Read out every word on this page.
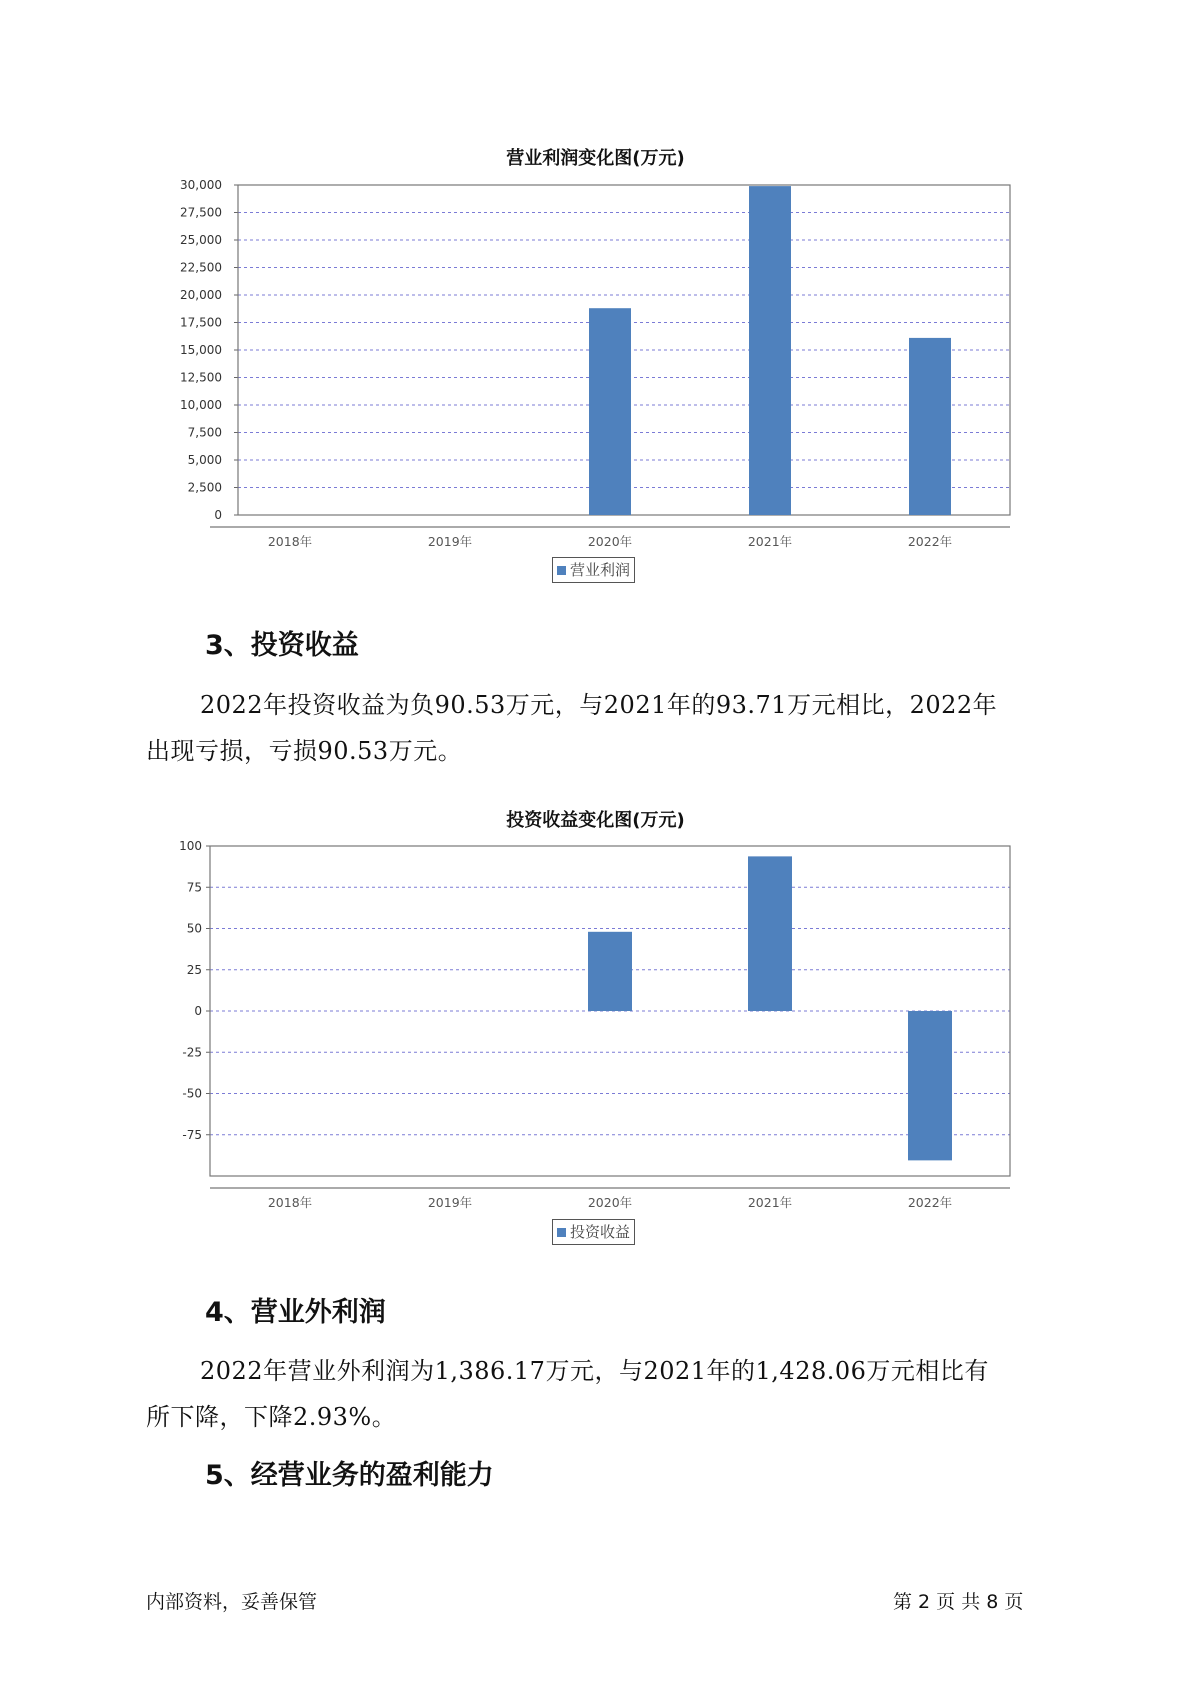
营业利润变化图(万元)
0
2,500
5,000
7,500
10,000
12,500
15,000
17,500
20,000
22,500
25,000
27,500
30,000
2018年	2019年	2020年	2021年	2022年
营业利润
3、投资收益
2022年投资收益为负90.53万元，与2021年的93.71万元相比，2022年
出现亏损，亏损90.53万元。
投资收益变化图(万元)
-75
-50
-25
0
25
50
75
100
2018年	2019年	2020年	2021年	2022年
投资收益
4、营业外利润
2022年营业外利润为1,386.17万元，与2021年的1,428.06万元相比有
所下降，下降2.93%。
5、经营业务的盈利能力
内部资料，妥善保管	第 2 页 共 8 页
